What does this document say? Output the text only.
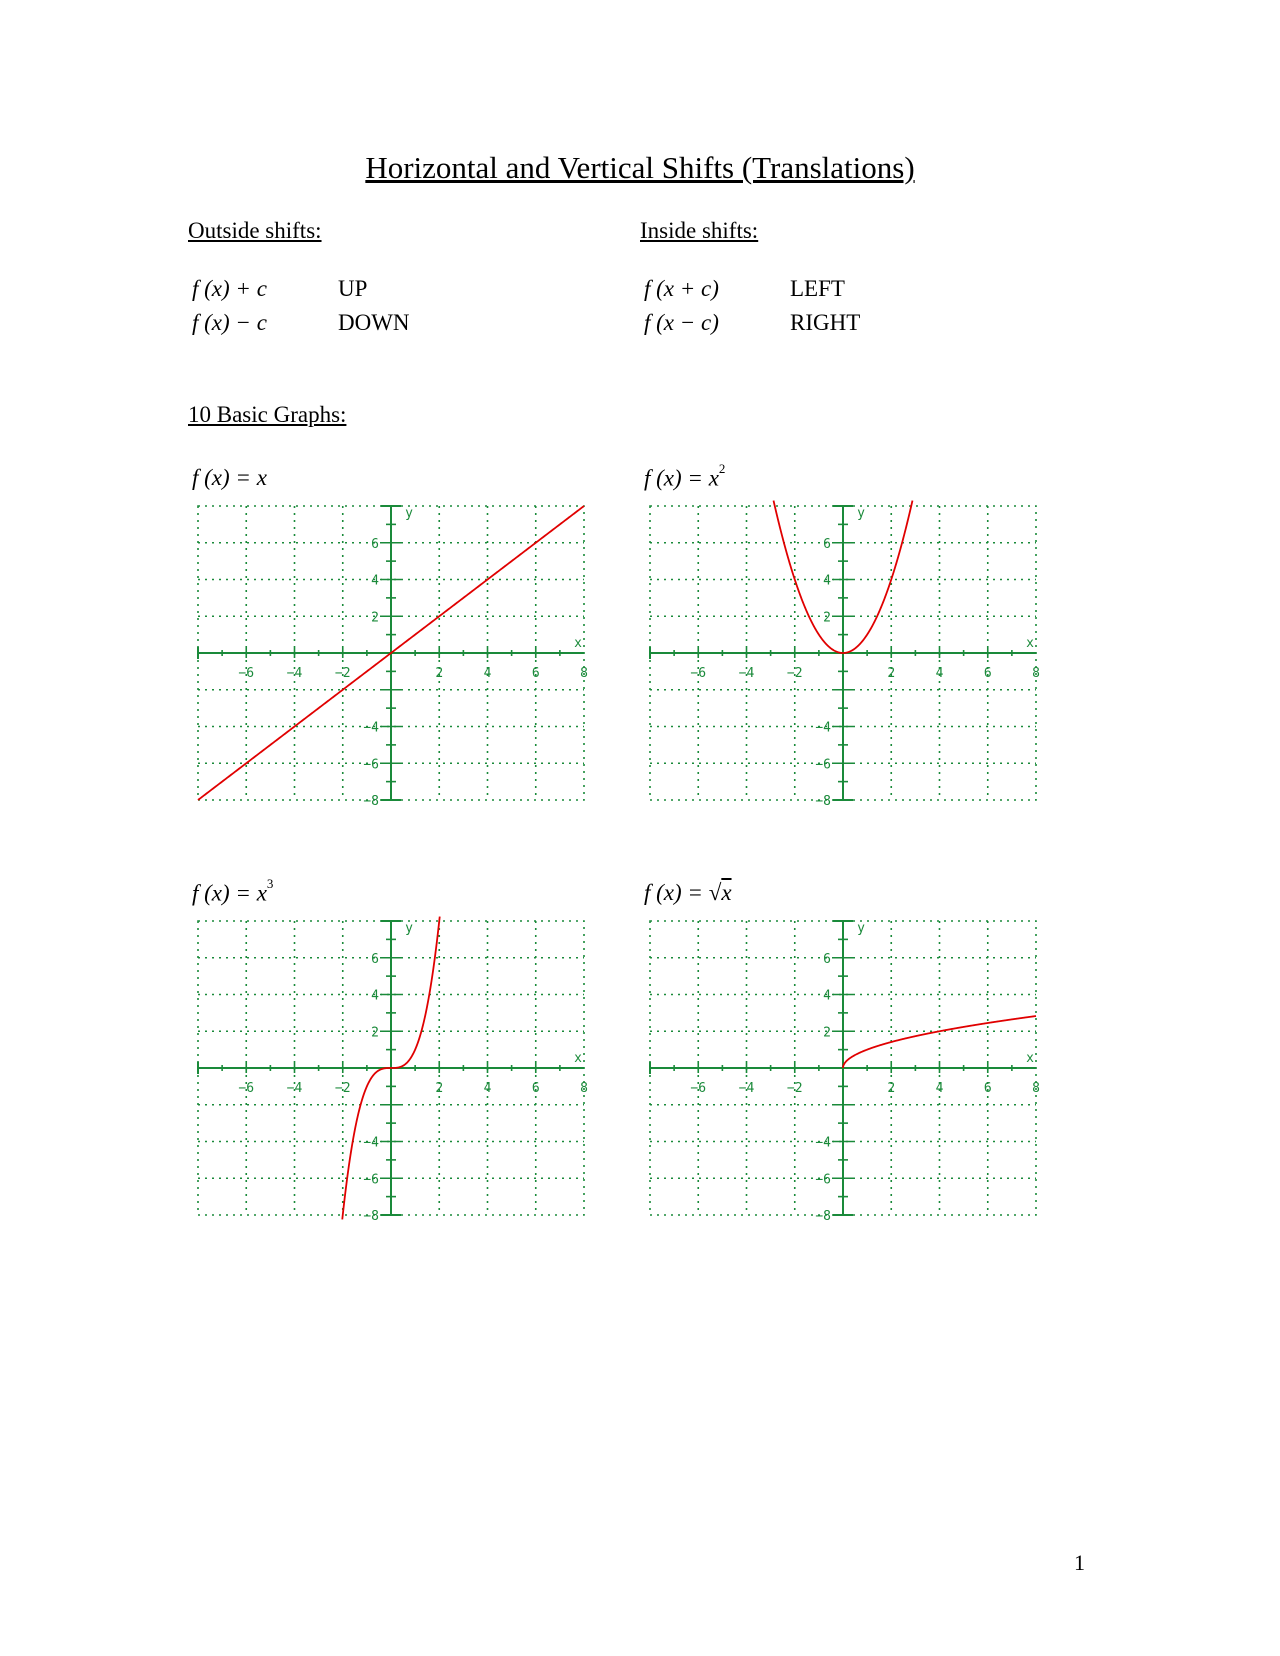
Horizontal and Vertical Shifts (Translations)
Outside shifts:
f (x) + c	UP
f (x) − c	DOWN
Inside shifts:
f (x + c)	LEFT
f (x − c)	RIGHT
10 Basic Graphs:
f (x) = x	f $(x) = x^2$
f $(x) = x^3$	f (x) = √x
−6	−4	−2	2	4	6	8
6
4
2
−4
−6
−8
x
y
−6	−4	−2	2	4	6	8
6
4
2
−4
−6
−8
x
y
−6	−4	−2	2	4	6	8
6
4
2
−4
−6
−8
x
y
−6	−4	−2	2	4	6	8
6
4
2
−4
−6
−8
x
y
1
